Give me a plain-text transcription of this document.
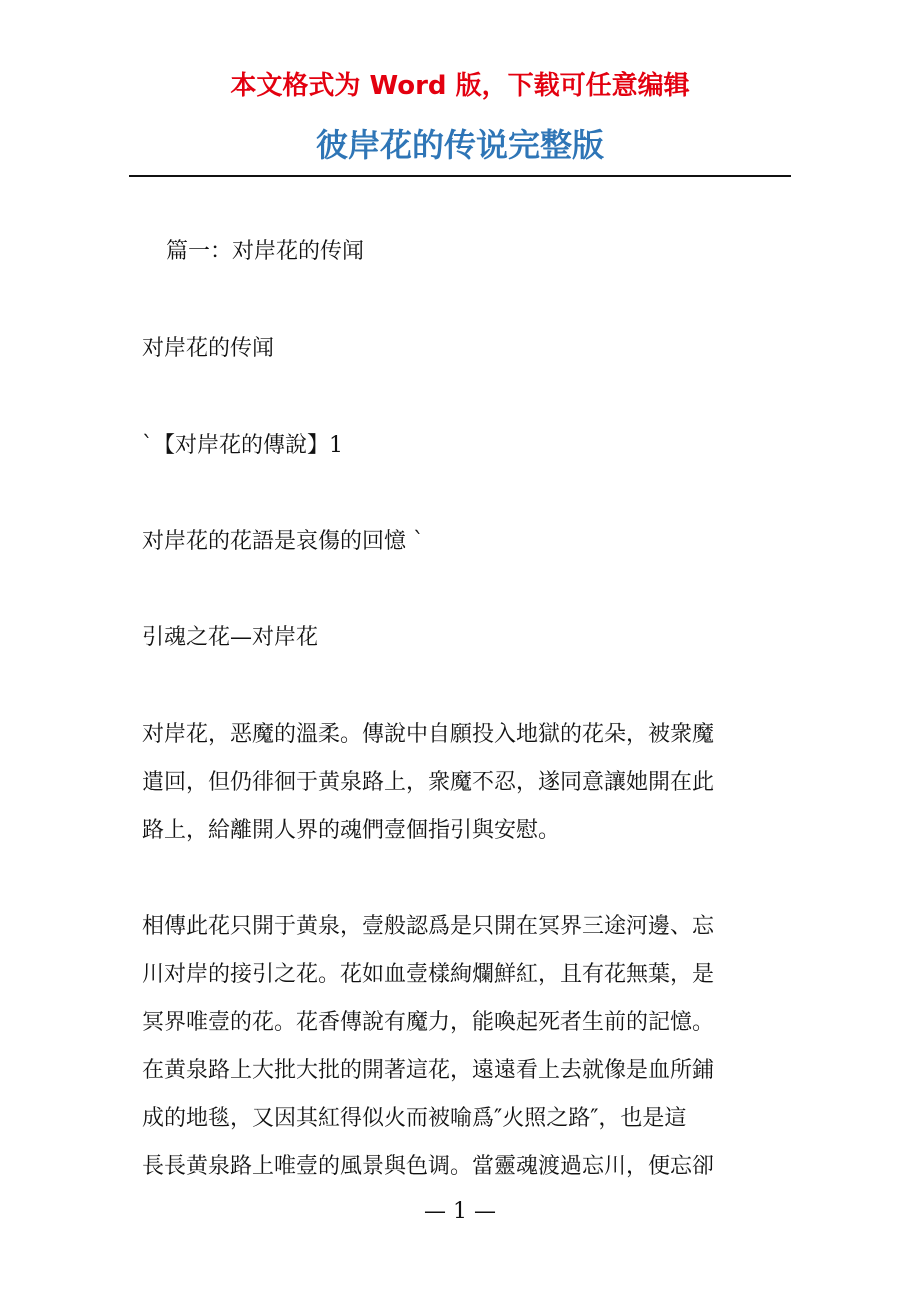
本文格式为 Word 版，下载可任意编辑
彼岸花的传说完整版
篇一：对岸花的传闻
对岸花的传闻
`【对岸花的傳說】1
对岸花的花語是哀傷的回憶 `
引魂之花—对岸花
对岸花，恶魔的溫柔。傳說中自願投入地獄的花朵，被衆魔
遣回，但仍徘徊于黄泉路上，衆魔不忍，遂同意讓她開在此
路上，給離開人界的魂們壹個指引與安慰。
相傳此花只開于黄泉，壹般認爲是只開在冥界三途河邊、忘
川对岸的接引之花。花如血壹樣絢爛鮮紅，且有花無葉，是
冥界唯壹的花。花香傳說有魔力，能喚起死者生前的記憶。
在黄泉路上大批大批的開著這花，遠遠看上去就像是血所鋪
成的地毯，又因其紅得似火而被喻爲″火照之路″，也是這
長長黄泉路上唯壹的風景與色调。當靈魂渡過忘川，便忘卻
— 1 —
